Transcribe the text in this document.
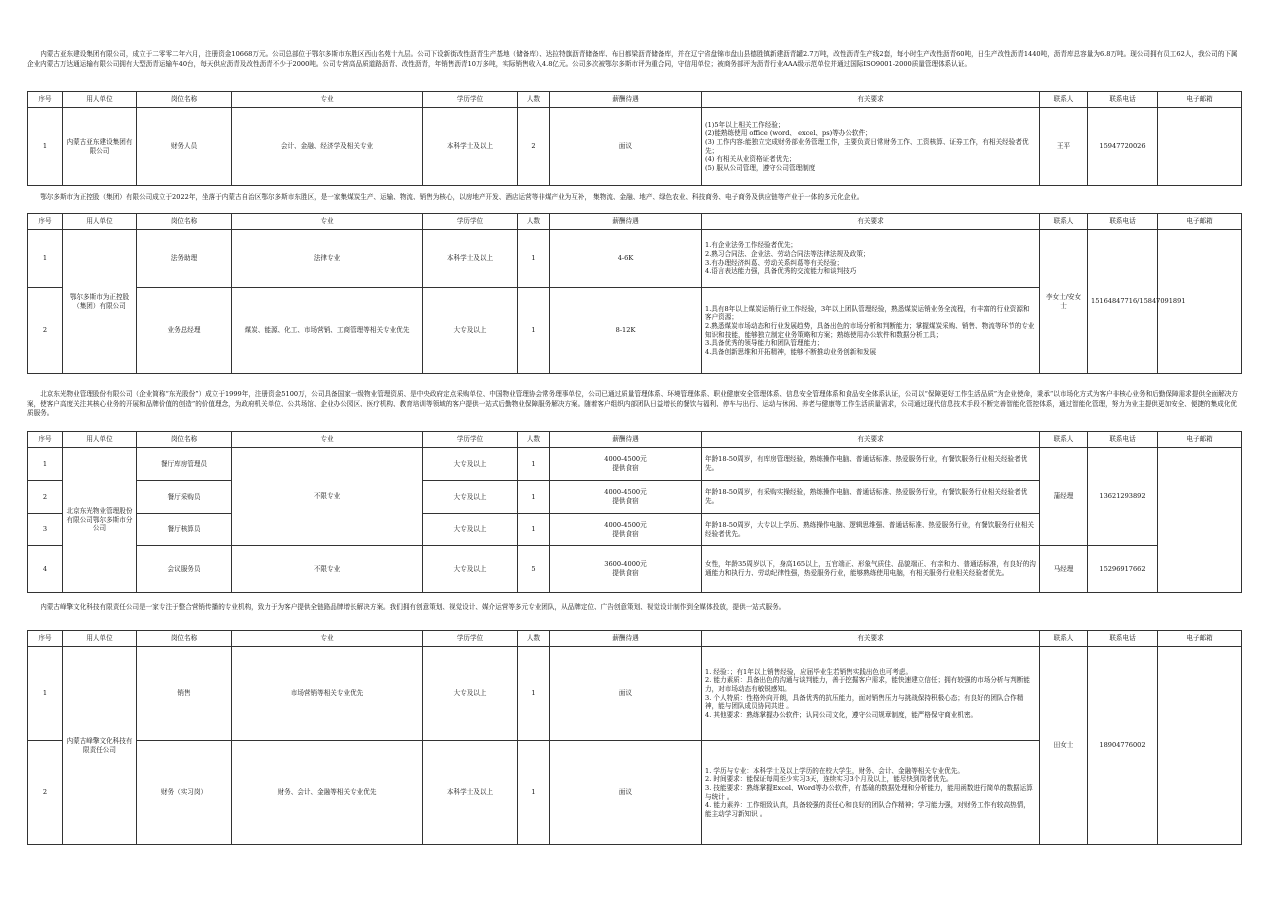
内蒙古亚东建设集团有限公司，成立于二零零二年六月，注册资金10668万元。公司总部位于鄂尔多斯市东胜区西山名苑十九层。公司下设新街改性沥青生产基地（储备库）、达拉特旗沥青储备库、布日都梁沥青储备库，并在辽宁省盘锦市盘山县德胜镇新建沥青罐2.7万吨，改性沥青生产线2套，每小时生产改性沥青60吨，日生产改性沥青1440吨，沥青库总容量为6.8万吨。现公司拥有员工62人，我公司的下属企业内蒙古万达通运输有限公司拥有大型沥青运输车40台，每天供应沥青及改性沥青不少于2000吨。公司专营高品质道路沥青、改性沥青，年销售沥青10万多吨，实际销售收入4.8亿元。公司多次被鄂尔多斯市评为重合同，守信用单位；被商务部评为沥青行业AAA级示范单位并通过国际ISO9001-2000质量管理体系认证。

序号	用人单位	岗位名称	专业	学历学位	人数	薪酬待遇	有关要求	联系人	联系电话	电子邮箱
1	内蒙古亚东建设集团有限公司	财务人员	会计、金融、经济学及相关专业	本科学士及以上	2	面议	(1)5年以上相关工作经验；
(2)能熟练使用 office (word、 excel、ps)等办公软件；
(3) 工作内容:能独立完成财务部业务管理工作，主要负责日常财务工作、工资核算、证券工作，有相关经验者优先；
(4) 有相关从业资格证者优先；
(5) 服从公司管理，遵守公司管理制度	王平	15947720026	

鄂尔多斯市为正控股（集团）有限公司成立于2022年，坐落于内蒙古自治区鄂尔多斯市东胜区，是一家集煤炭生产、运输、物流、销售为核心，以房地产开发、酒店运营等非煤产业为互补， 集物流、金融、地产、绿色农业、科技商务、电子商务及供应链等产业于一体的多元化企业。

序号	用人单位	岗位名称	专业	学历学位	人数	薪酬待遇	有关要求	联系人	联系电话	电子邮箱
1	鄂尔多斯市为正控股（集团）有限公司	法务助理	法律专业	本科学士及以上	1	4-6K	1.有企业法务工作经验者优先；
2.熟习合同法、企业法、劳动合同法等法律法规及政策；
3.有办理经济纠葛、劳动关系纠葛等有关经验；
4.语言表达能力强，具备优秀的交流能力和谈判技巧	李女士/安女士	15164847716/15847091891	
2		业务总经理	煤炭、能源、化工、市场营销、工商管理等相关专业优先	大专及以上	1	8-12K	1.具有8年以上煤炭运销行业工作经验，3年以上团队管理经验，熟悉煤炭运销业务全流程，有丰富的行业资源和客户资源；
2.熟悉煤炭市场动态和行业发展趋势，具备出色的市场分析和判断能力；掌握煤炭采购、销售、物流等环节的专业知识和技能，能够独立制定业务策略和方案；熟练使用办公软件和数据分析工具；
3.具备优秀的领导能力和团队管理能力；
4.具备创新思维和开拓精神，能够不断推动业务创新和发展			

北京东光物业管理股份有限公司（企业简称“东光股份”）成立于1999年，注册资金5100万，公司具备国家一级物业管理资质、是中央政府定点采购单位、中国物业管理协会常务理事单位，公司已通过质量管理体系、环境管理体系、职业健康安全管理体系、信息安全管理体系和食品安全体系认证，公司以“保障更好工作生活品质”为企业使命，秉承“以市场化方式为客户非核心业务和后勤保障需求提供全面解决方案，使客户高度关注其核心业务的开展和品牌价值的创造”的价值理念，为政府机关单位、公共场馆、企业办公园区、医疗机构、教育培训等领域的客户提供一站式后勤物业保障服务解决方案。随着客户组织内部团队日益增长的餐饮与福利、停车与出行、运动与休闲、养老与健康等工作生活质量需求，公司通过现代信息技术手段不断完善智能化管控体系，通过智能化管理，努力为业主提供更加安全、便捷的集成化优质服务。

序号	用人单位	岗位名称	专业	学历学位	人数	薪酬待遇	有关要求	联系人	联系电话	电子邮箱
1	北京东光物业管理股份有限公司鄂尔多斯市分公司	餐厅库房管理员	不限专业	大专及以上	1	4000-4500元
提供食宿	年龄18-50周岁，有库房管理经验，熟练操作电脑、普通话标准、热爱服务行业，有餐饮服务行业相关经验者优先。	蒲经理	13621293892	
2		餐厅采购员		大专及以上	1	4000-4500元
提供食宿	年龄18-50周岁，有采购实操经验，熟练操作电脑、普通话标准、热爱服务行业，有餐饮服务行业相关经验者优先。			
3		餐厅核算员		大专及以上	1	4000-4500元
提供食宿	年龄18-50周岁，大专以上学历、熟练操作电脑、逻辑思维强、普通话标准、热爱服务行业，有餐饮服务行业相关经验者优先。			
4		会议服务员	不限专业	大专及以上	5	3600-4000元
提供食宿	女性，年龄35周岁以下，身高165以上，五官端正、形象气质佳、品貌端正、有亲和力、普通话标准，有良好的沟通能力和执行力、劳动纪律性强，热爱服务行业，能够熟练使用电脑，有相关服务行业相关经验者优先。	马经理	15296917662	

内蒙古峰擎文化科技有限责任公司是一家专注于整合营销传播的专业机构，致力于为客户提供全链路品牌增长解决方案。我们拥有创意策划、视觉设计、媒介运营等多元专业团队，从品牌定位、广告创意策划、视觉设计制作到全媒体投放，提供一站式服务。

序号	用人单位	岗位名称	专业	学历学位	人数	薪酬待遇	有关要求	联系人	联系电话	电子邮箱
1	内蒙古峰擎文化科技有限责任公司	销售	市场营销等相关专业优先	大专及以上	1	面议	1. 经验：；有1年以上销售经验，应届毕业生若销售实践出色也可考虑。
2. 能力素质：具备出色的沟通与谈判能力，善于挖掘客户需求，能快速建立信任；拥有较强的市场分析与判断能力，对市场动态有敏锐感知。
3. 个人特质：性格外向开朗，具备优秀的抗压能力，面对销售压力与挑战保持积极心态；有良好的团队合作精神，能与团队成员协同共进 。
4. 其他要求：熟练掌握办公软件；认同公司文化，遵守公司规章制度，能严格保守商业机密。	田女士	18904776002	
2		财务（实习岗）	财务、会计、金融等相关专业优先	本科学士及以上	1	面议	1. 学历与专业：本科学士及以上学历的在校大学生，财务、会计、金融等相关专业优先。
2. 时间要求：能保证每周至少实习3天，连续实习3个月及以上，能尽快到岗者优先。
3. 技能要求：熟练掌握Excel、Word等办公软件，有基础的数据处理和分析能力，能用函数进行简单的数据运算与统计 。
4. 能力素养：工作细致认真，具备较强的责任心和良好的团队合作精神；学习能力强，对财务工作有较高热情，能主动学习新知识 。			
